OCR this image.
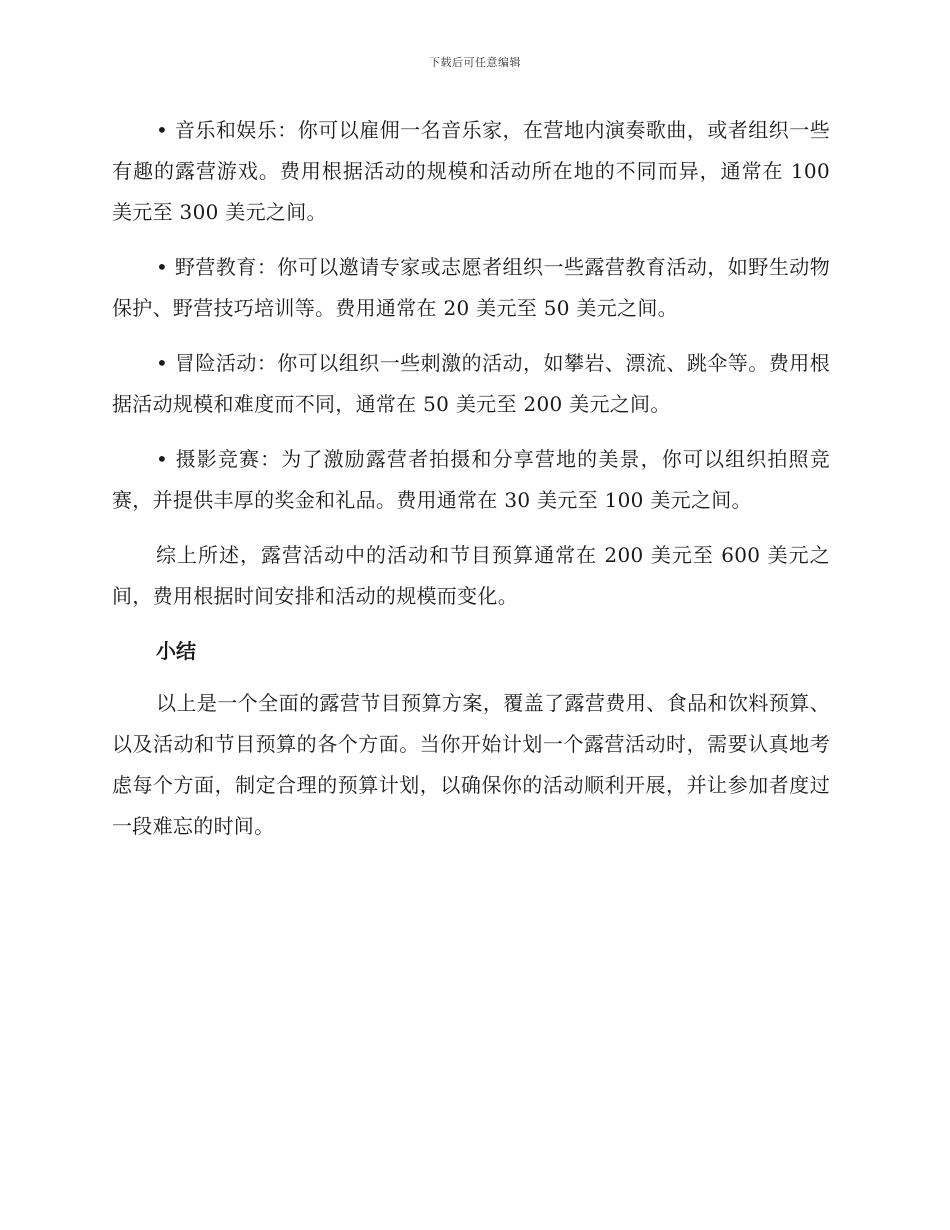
下载后可任意编辑

• 音乐和娱乐：你可以雇佣一名音乐家，在营地内演奏歌曲，或者组织一些有趣的露营游戏。费用根据活动的规模和活动所在地的不同而异，通常在 100 美元至 300 美元之间。

• 野营教育：你可以邀请专家或志愿者组织一些露营教育活动，如野生动物保护、野营技巧培训等。费用通常在 20 美元至 50 美元之间。

• 冒险活动：你可以组织一些刺激的活动，如攀岩、漂流、跳伞等。费用根据活动规模和难度而不同，通常在 50 美元至 200 美元之间。

• 摄影竞赛：为了激励露营者拍摄和分享营地的美景，你可以组织拍照竞赛，并提供丰厚的奖金和礼品。费用通常在 30 美元至 100 美元之间。

综上所述，露营活动中的活动和节目预算通常在 200 美元至 600 美元之间，费用根据时间安排和活动的规模而变化。

小结

以上是一个全面的露营节目预算方案，覆盖了露营费用、食品和饮料预算、以及活动和节目预算的各个方面。当你开始计划一个露营活动时，需要认真地考虑每个方面，制定合理的预算计划，以确保你的活动顺利开展，并让参加者度过一段难忘的时间。
